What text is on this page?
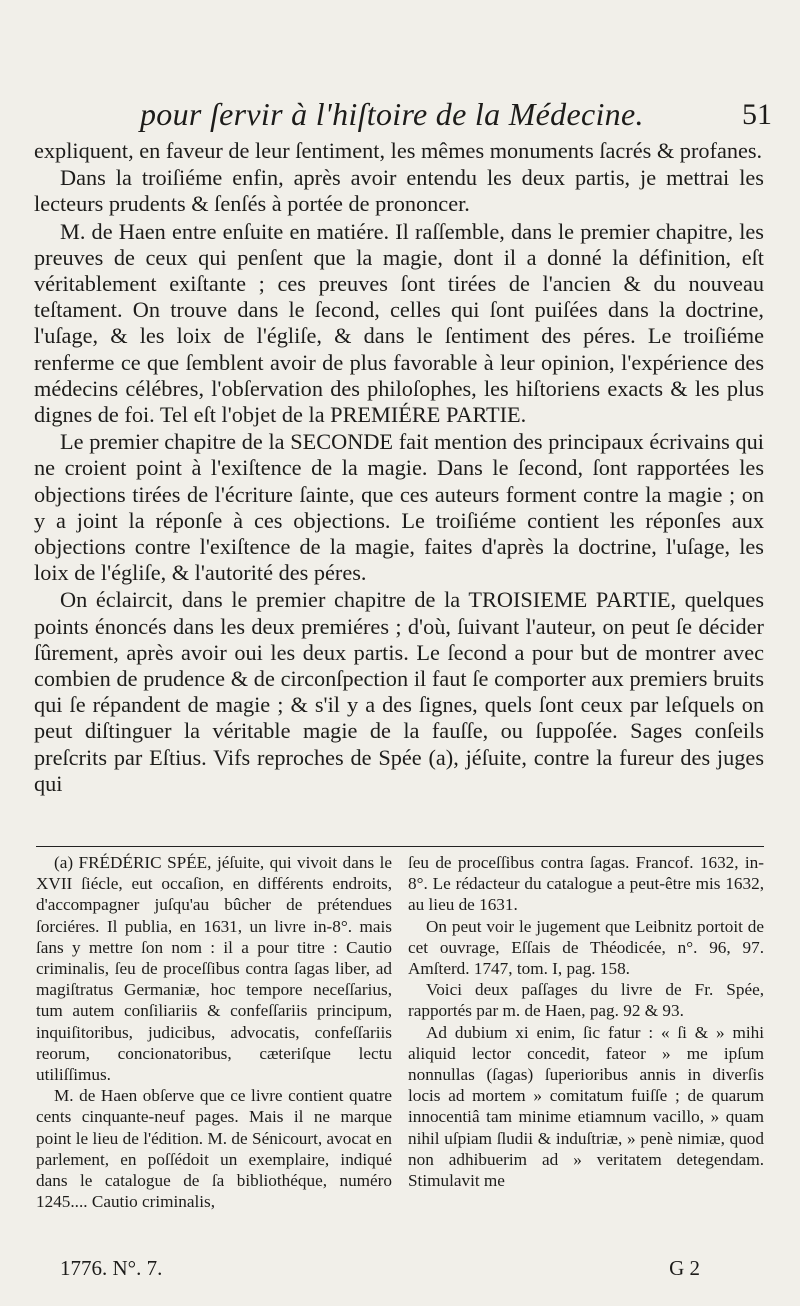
pour ſervir à l'hiſtoire de la Médecine.	51

expliquent, en faveur de leur ſentiment, les mêmes monuments ſacrés & profanes.

Dans la troiſiéme enfin, après avoir entendu les deux partis, je mettrai les lecteurs prudents & ſenſés à portée de prononcer.

M. de Haen entre enſuite en matiére. Il raſſemble, dans le premier chapitre, les preuves de ceux qui penſent que la magie, dont il a donné la définition, eſt véritablement exiſtante ; ces preuves ſont tirées de l'ancien & du nouveau teſtament. On trouve dans le ſecond, celles qui ſont puiſées dans la doctrine, l'uſage, & les loix de l'égliſe, & dans le ſentiment des péres. Le troiſiéme renferme ce que ſemblent avoir de plus favorable à leur opinion, l'expérience des médecins célébres, l'obſervation des philoſophes, les hiſtoriens exacts & les plus dignes de foi. Tel eſt l'objet de la PREMIÉRE PARTIE.

Le premier chapitre de la SECONDE fait mention des principaux écrivains qui ne croient point à l'exiſtence de la magie. Dans le ſecond, ſont rapportées les objections tirées de l'écriture ſainte, que ces auteurs forment contre la magie ; on y a joint la réponſe à ces objections. Le troiſiéme contient les réponſes aux objections contre l'exiſtence de la magie, faites d'après la doctrine, l'uſage, les loix de l'égliſe, & l'autorité des péres.

On éclaircit, dans le premier chapitre de la TROISIEME PARTIE, quelques points énoncés dans les deux premiéres ; d'où, ſuivant l'auteur, on peut ſe décider ſûrement, après avoir oui les deux partis. Le ſecond a pour but de montrer avec combien de prudence & de circonſpection il faut ſe comporter aux premiers bruits qui ſe répandent de magie ; & s'il y a des ſignes, quels ſont ceux par leſquels on peut diſtinguer la véritable magie de la fauſſe, ou ſuppoſée. Sages conſeils preſcrits par Eſtius. Vifs reproches de Spée (a), jéſuite, contre la fureur des juges qui

(a) FRÉDÉRIC SPÉE, jéſuite, qui vivoit dans le XVII ſiécle, eut occaſion, en différents endroits, d'accompagner juſqu'au bûcher de prétendues ſorciéres. Il publia, en 1631, un livre in-8°. mais ſans y mettre ſon nom : il a pour titre : Cautio criminalis, ſeu de proceſſibus contra ſagas liber, ad magiſtratus Germaniæ, hoc tempore neceſſarius, tum autem conſiliariis & confeſſariis principum, inquiſitoribus, judicibus, advocatis, confeſſariis reorum, concionatoribus, cæteriſque lectu utiliſſimus.

M. de Haen obſerve que ce livre contient quatre cents cinquante-neuf pages. Mais il ne marque point le lieu de l'édition. M. de Sénicourt, avocat en parlement, en poſſédoit un exemplaire, indiqué dans le catalogue de ſa bibliothéque, numéro 1245.... Cautio criminalis,

ſeu de proceſſibus contra ſagas. Francof. 1632, in-8°. Le rédacteur du catalogue a peut-être mis 1632, au lieu de 1631.

On peut voir le jugement que Leibnitz portoit de cet ouvrage, Eſſais de Théodicée, n°. 96, 97. Amſterd. 1747, tom. I, pag. 158.

Voici deux paſſages du livre de Fr. Spée, rapportés par m. de Haen, pag. 92 & 93.

Ad dubium xi enim, ſic fatur : « ſi & » mihi aliquid lector concedit, fateor » me ipſum nonnullas (ſagas) ſuperioribus annis in diverſis locis ad mortem » comitatum fuiſſe ; de quarum innocentiâ tam minime etiamnum vacillo, » quam nihil uſpiam ſludii & induſtriæ, » penè nimiæ, quod non adhibuerim ad » veritatem detegendam. Stimulavit me

1776. N°. 7.	G 2
